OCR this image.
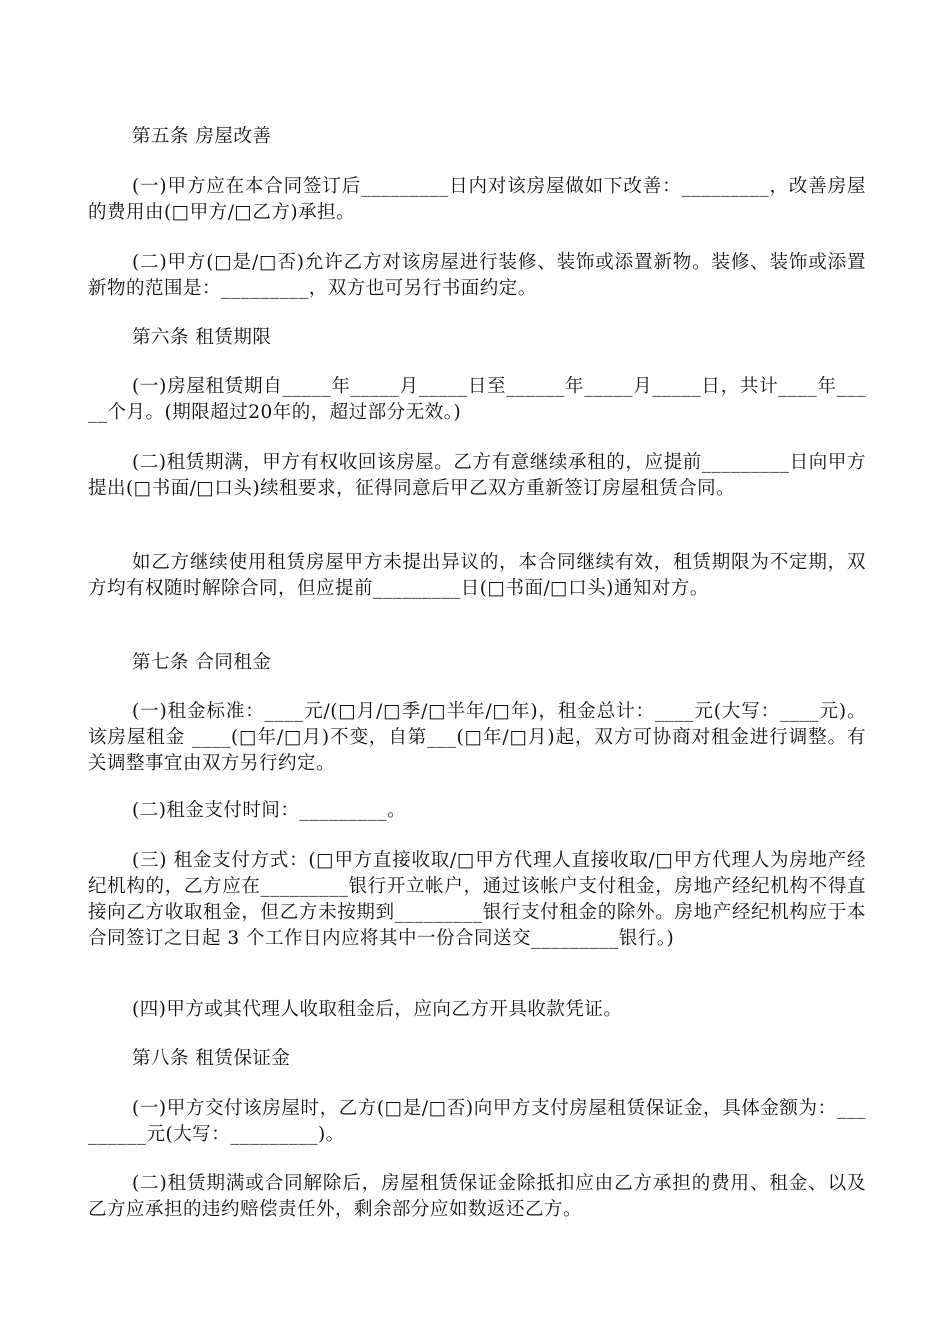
第五条 房屋改善

(一)甲方应在本合同签订后_________日内对该房屋做如下改善：_________，改善房屋的费用由(□甲方/□乙方)承担。

(二)甲方(□是/□否)允许乙方对该房屋进行装修、装饰或添置新物。装修、装饰或添置新物的范围是：_________，双方也可另行书面约定。

第六条 租赁期限

(一)房屋租赁期自_____年_____月_____日至______年_____月_____日，共计____年_____个月。(期限超过20年的，超过部分无效。)

(二)租赁期满，甲方有权收回该房屋。乙方有意继续承租的，应提前_________日向甲方提出(□书面/□口头)续租要求，征得同意后甲乙双方重新签订房屋租赁合同。

如乙方继续使用租赁房屋甲方未提出异议的，本合同继续有效，租赁期限为不定期，双方均有权随时解除合同，但应提前_________日(□书面/□口头)通知对方。

第七条 合同租金

(一)租金标准：____元/(□月/□季/□半年/□年)，租金总计：____元(大写：____元)。该房屋租金 ____(□年/□月)不变，自第___(□年/□月)起，双方可协商对租金进行调整。有关调整事宜由双方另行约定。

(二)租金支付时间：_________。

(三) 租金支付方式：(□甲方直接收取/□甲方代理人直接收取/□甲方代理人为房地产经纪机构的，乙方应在_________银行开立帐户，通过该帐户支付租金，房地产经纪机构不得直接向乙方收取租金，但乙方未按期到_________银行支付租金的除外。房地产经纪机构应于本合同签订之日起 3 个工作日内应将其中一份合同送交_________银行。)

(四)甲方或其代理人收取租金后，应向乙方开具收款凭证。

第八条 租赁保证金

(一)甲方交付该房屋时，乙方(□是/□否)向甲方支付房屋租赁保证金，具体金额为：_________元(大写：_________)。

(二)租赁期满或合同解除后，房屋租赁保证金除抵扣应由乙方承担的费用、租金、以及乙方应承担的违约赔偿责任外，剩余部分应如数返还乙方。
